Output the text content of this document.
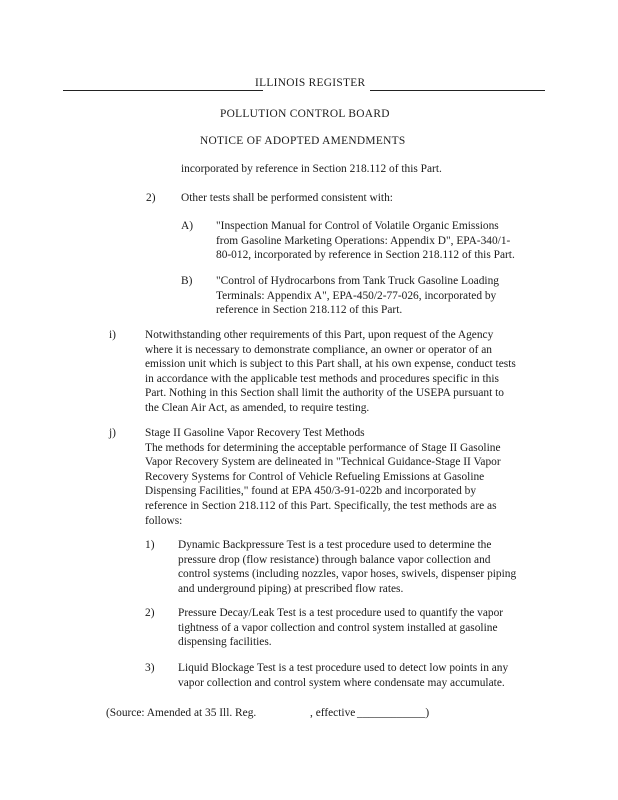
ILLINOIS REGISTER
POLLUTION CONTROL BOARD
NOTICE OF ADOPTED AMENDMENTS
incorporated by reference in Section 218.112 of this Part.
2) Other tests shall be performed consistent with:
A) "Inspection Manual for Control of Volatile Organic Emissions
from Gasoline Marketing Operations: Appendix D", EPA-340/1-
80-012, incorporated by reference in Section 218.112 of this Part.
B) "Control of Hydrocarbons from Tank Truck Gasoline Loading
Terminals: Appendix A", EPA-450/2-77-026, incorporated by
reference in Section 218.112 of this Part.
i)	Notwithstanding other requirements of this Part, upon request of the Agency
where it is necessary to demonstrate compliance, an owner or operator of an
emission unit which is subject to this Part shall, at his own expense, conduct tests
in accordance with the applicable test methods and procedures specific in this
Part. Nothing in this Section shall limit the authority of the USEPA pursuant to
the Clean Air Act, as amended, to require testing.
j)	Stage II Gasoline Vapor Recovery Test Methods
The methods for determining the acceptable performance of Stage II Gasoline
Vapor Recovery System are delineated in "Technical Guidance-Stage II Vapor
Recovery Systems for Control of Vehicle Refueling Emissions at Gasoline
Dispensing Facilities," found at EPA 450/3-91-022b and incorporated by
reference in Section 218.112 of this Part. Specifically, the test methods are as
follows:
1) Dynamic Backpressure Test is a test procedure used to determine the
pressure drop (flow resistance) through balance vapor collection and
control systems (including nozzles, vapor hoses, swivels, dispenser piping
and underground piping) at prescribed flow rates.
2) Pressure Decay/Leak Test is a test procedure used to quantify the vapor
tightness of a vapor collection and control system installed at gasoline
dispensing facilities.
3) Liquid Blockage Test is a test procedure used to detect low points in any
vapor collection and control system where condensate may accumulate.
(Source: Amended at 35 Ill. Reg.	, effective ____________)
